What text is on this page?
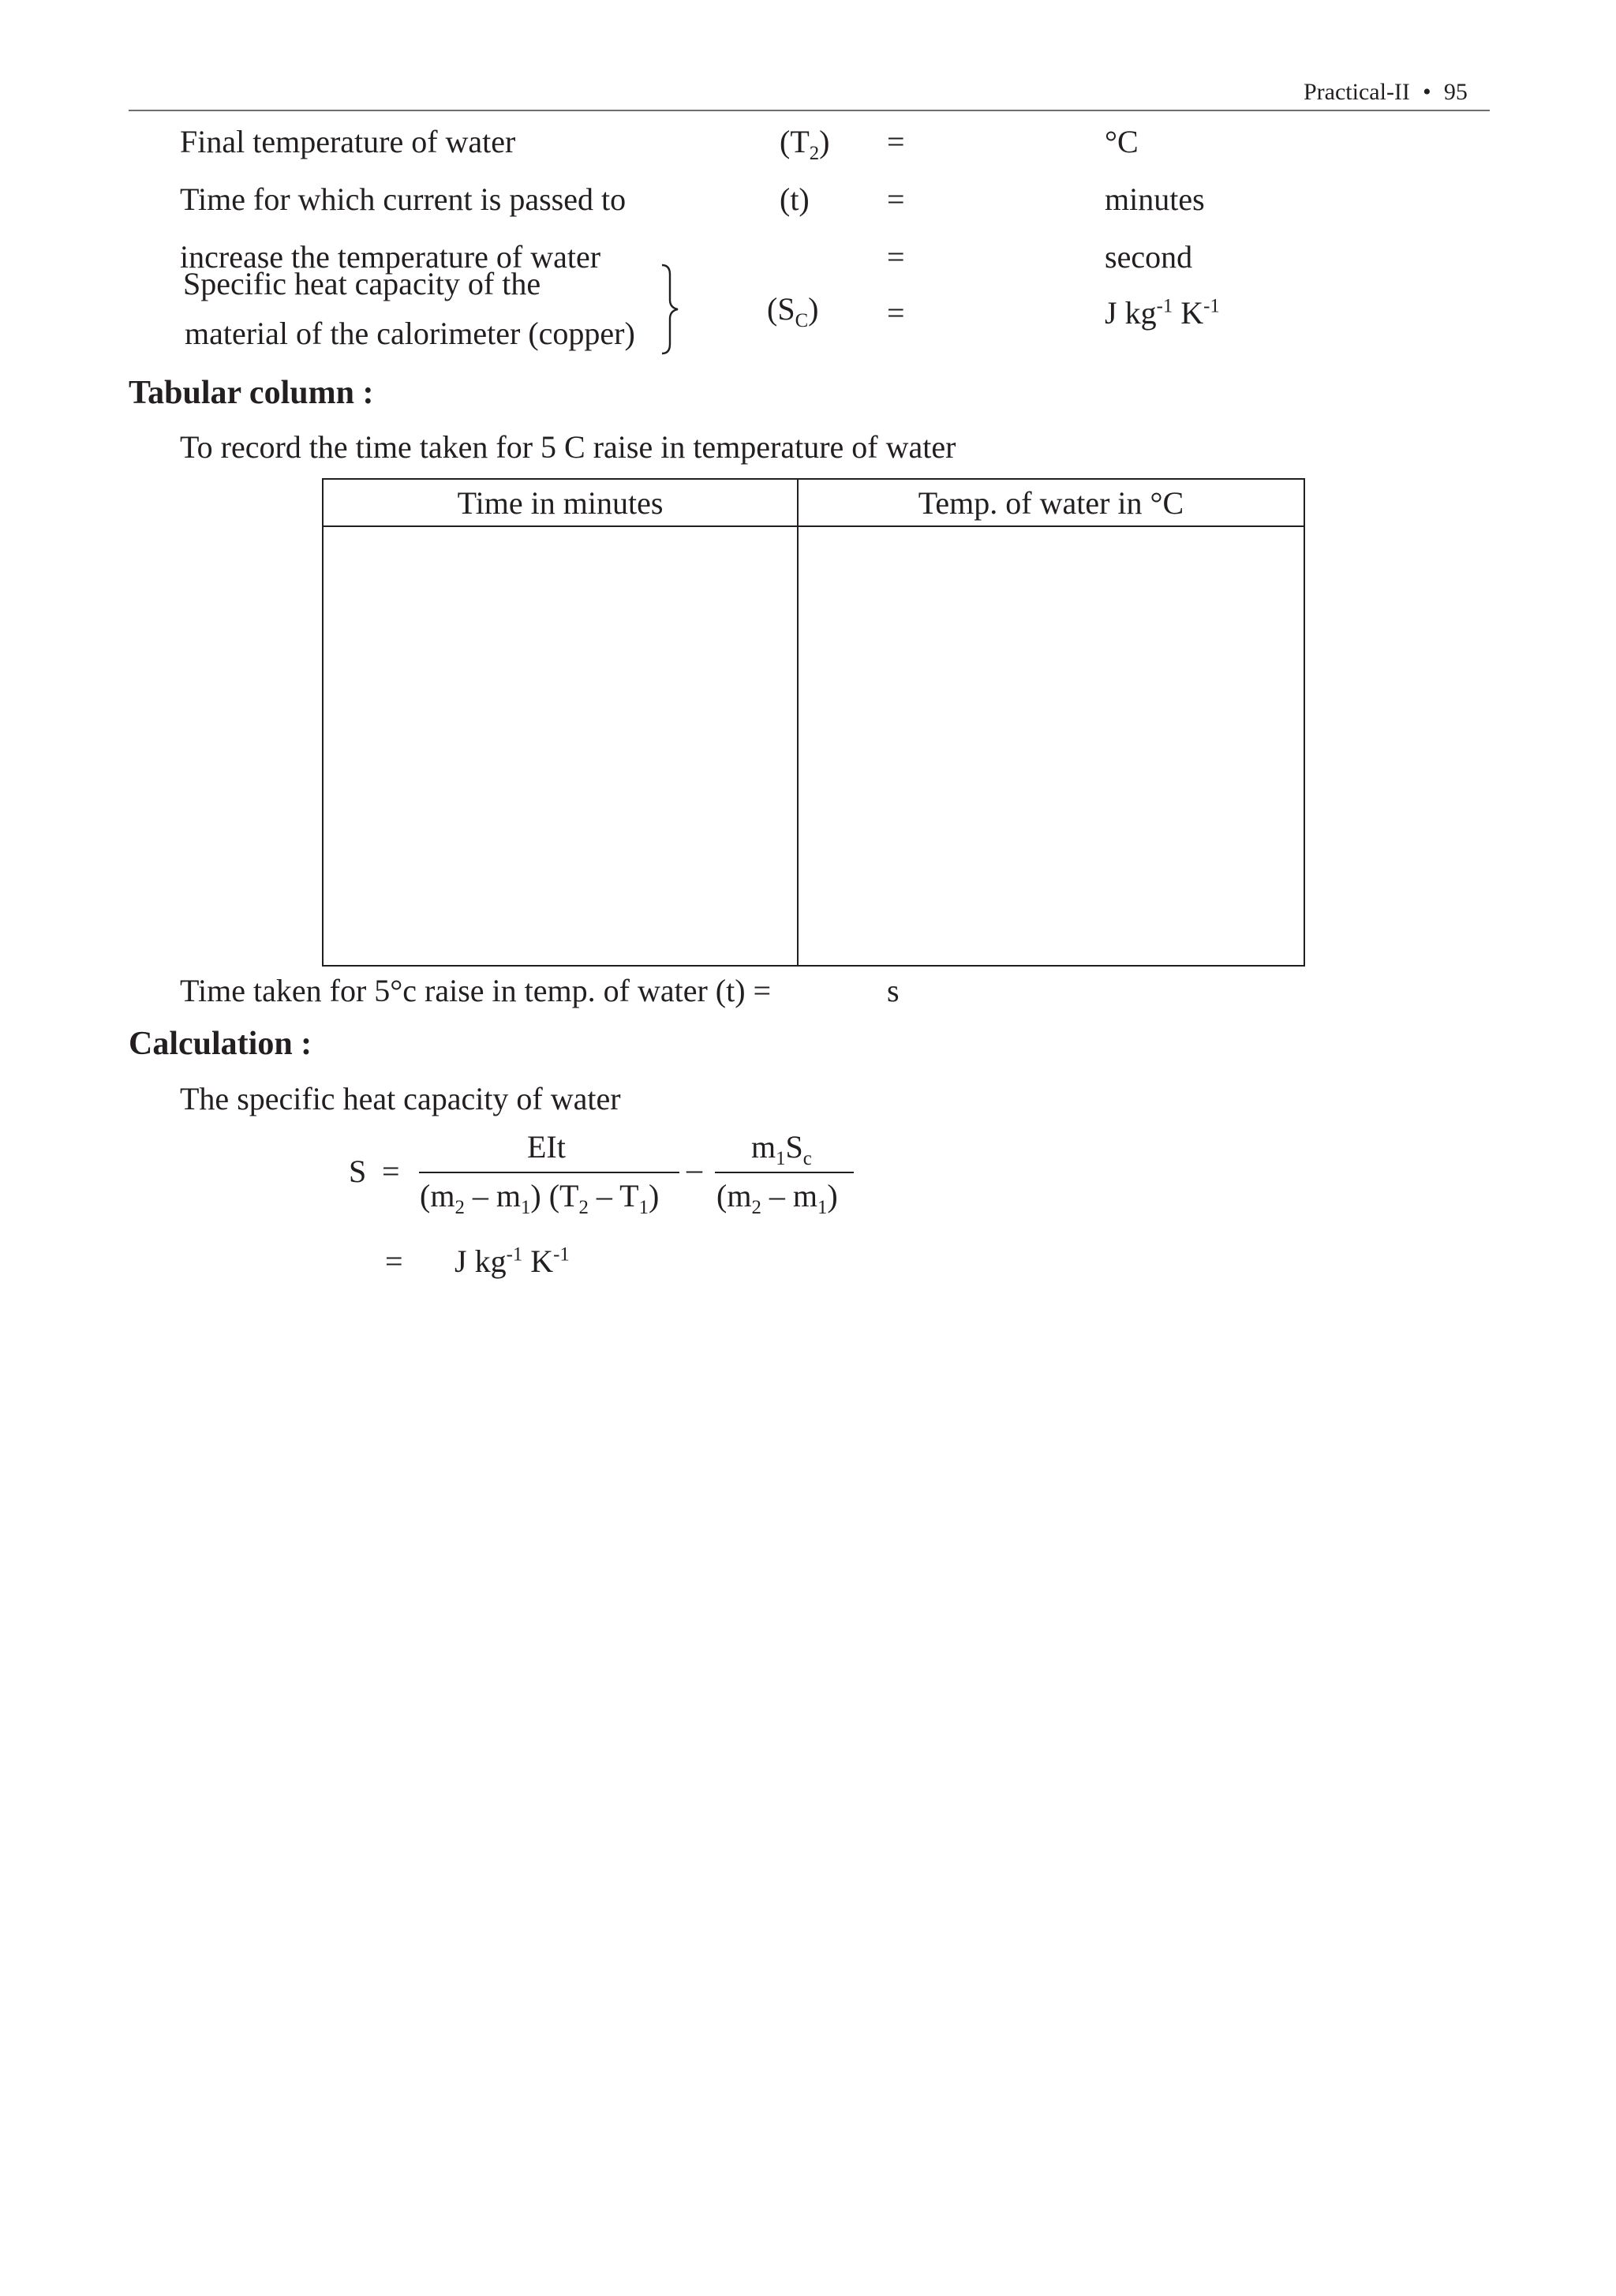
Practical-II • 95
Final temperature of water	$(T_2)$ =	°C
Time for which current is passed to	(t) =	minutes
increase the temperature of water	=	second
Specific heat capacity of the
material of the calorimeter (copper)
$(S_C)$ =	J $kg^{-1}$ $K^{-1}$
Tabular column :
To record the time taken for 5 C raise in temperature of water
Time in minutes	Temp. of water in °C

Time taken for 5°c raise in temp. of water (t) =	s
Calculation :
The specific heat capacity of water
S =
EIt
$(m_2 - m_1)$ $(T_2 - T_1)$
–
$m_1S_c$
$(m_2 - m_1)$
= J $kg^{-1}$ $K^{-1}$
